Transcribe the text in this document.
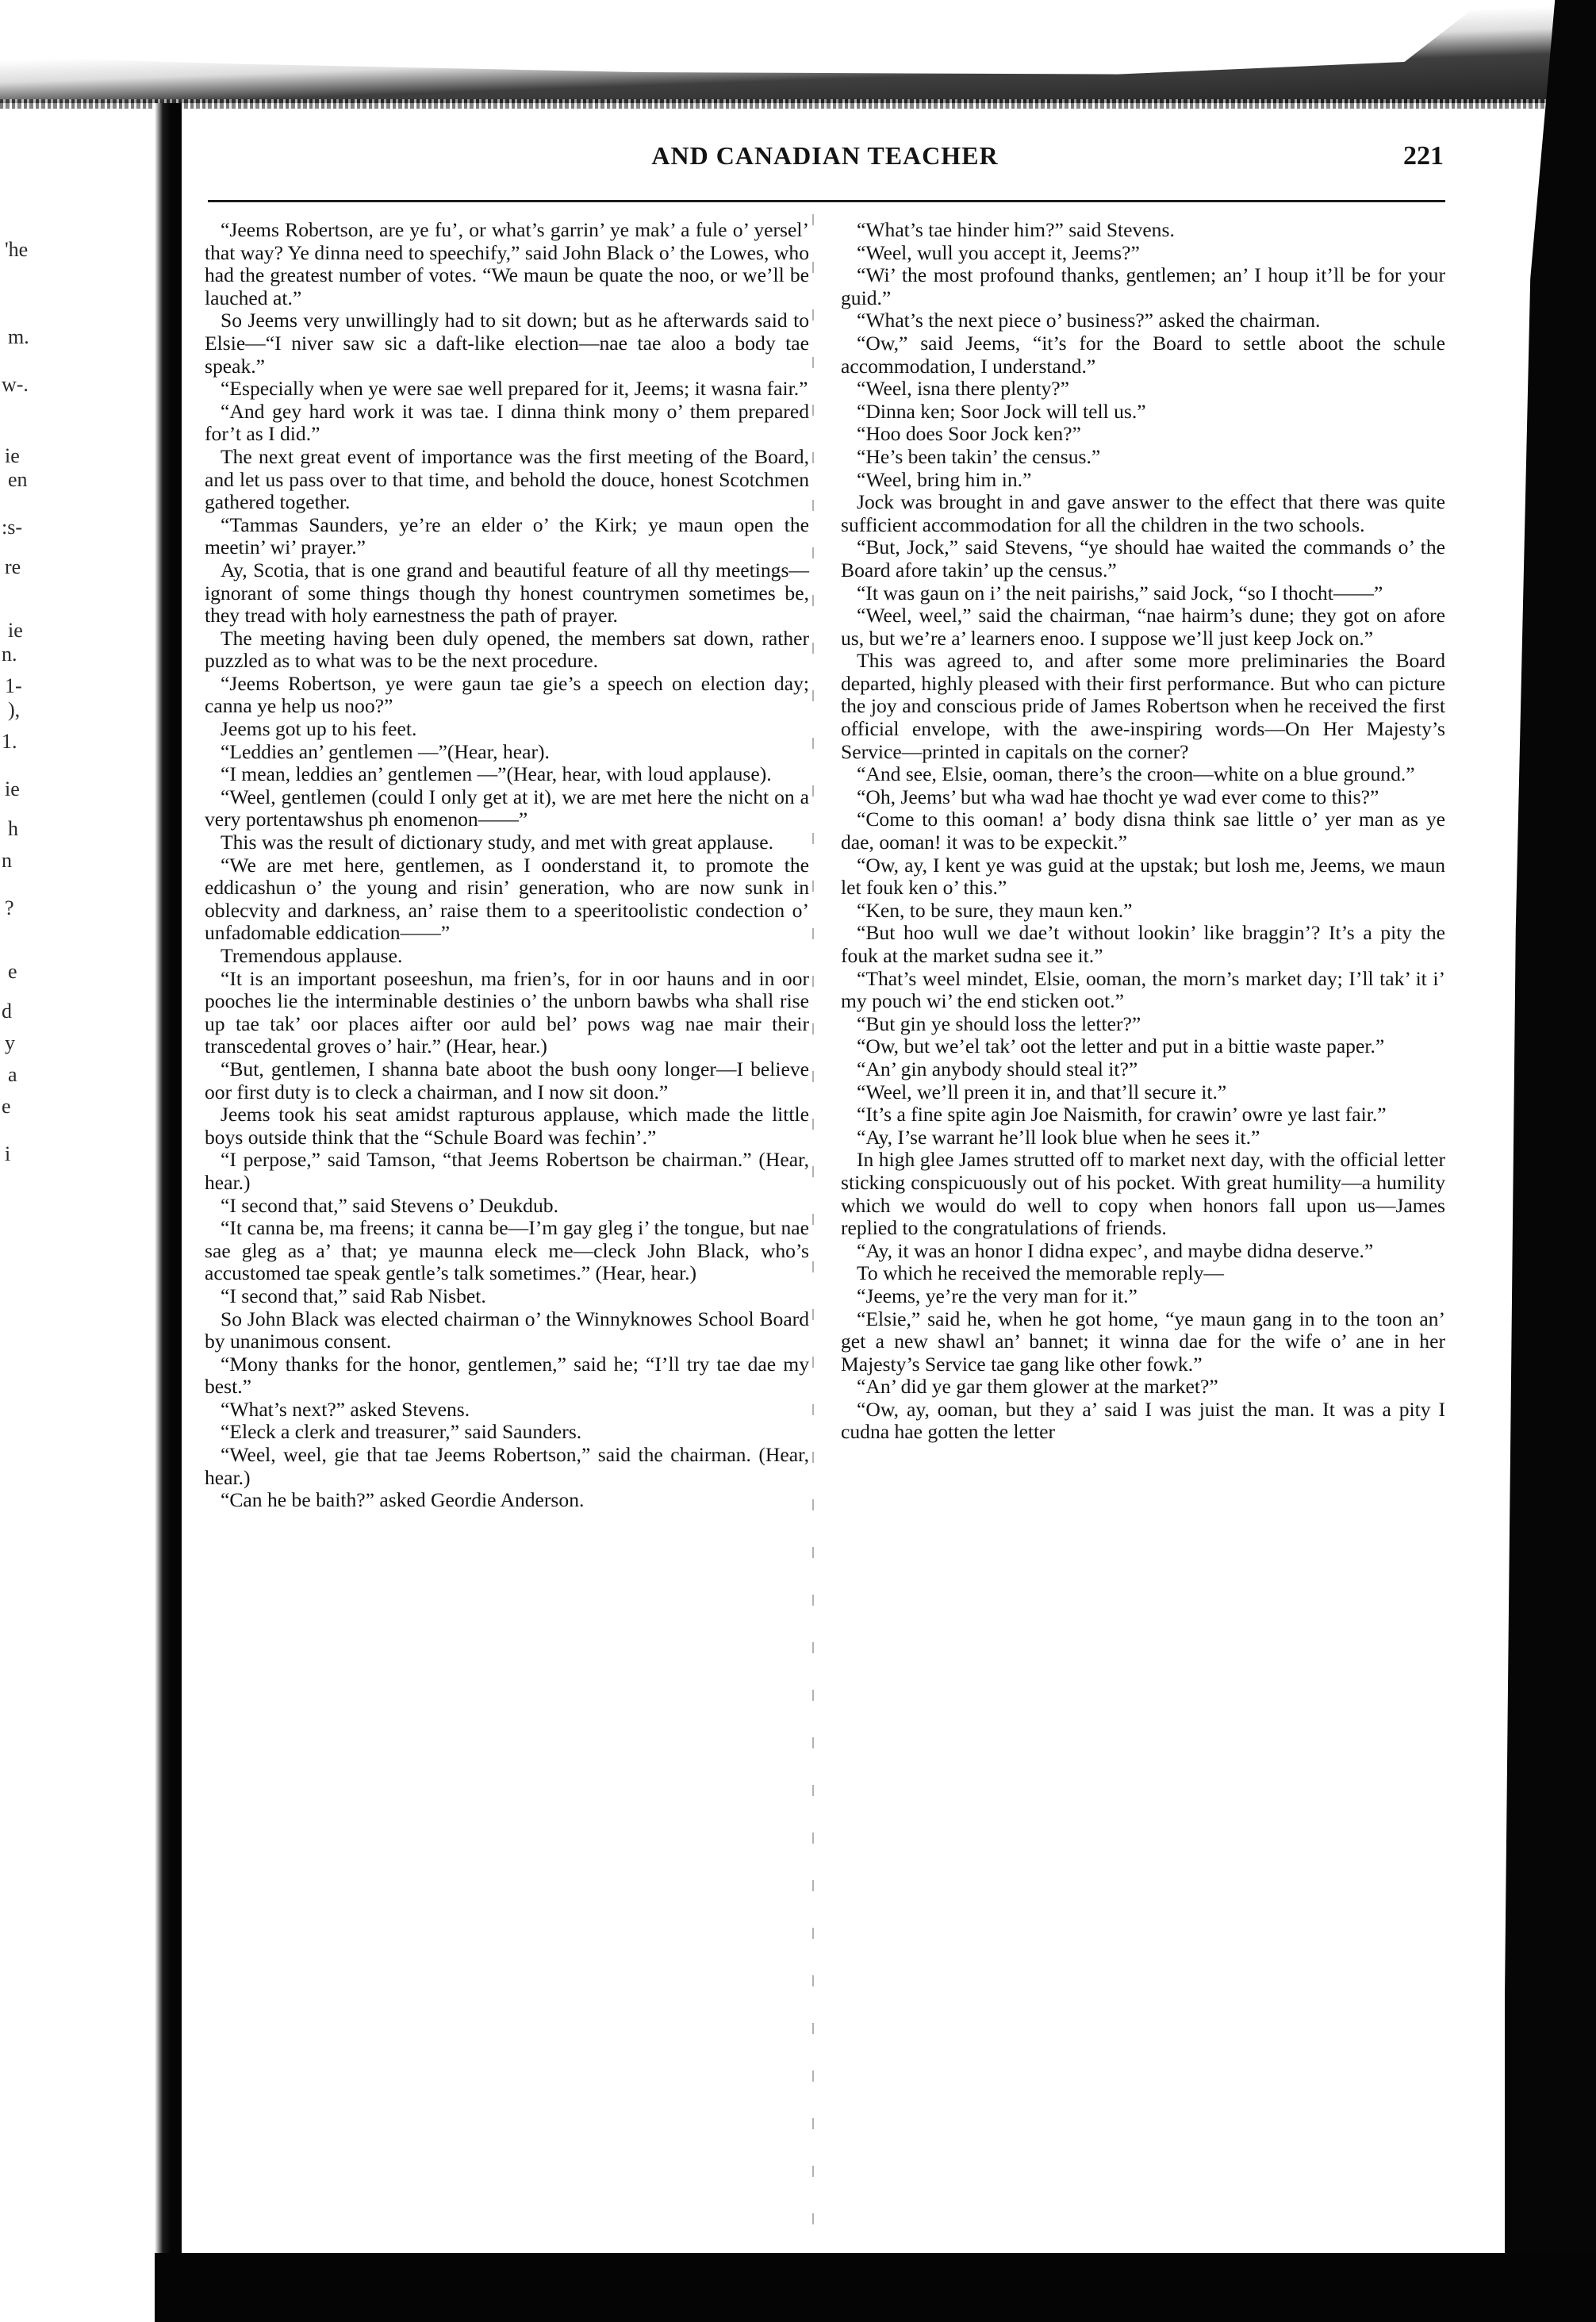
'he
m.
w-.
ie
en
:s-
re
ie
n.
1-
),
1.
ie
h
n
?
e
d
y
a
e
i
AND CANADIAN TEACHER	221

“Jeems Robertson, are ye fu’, or what’s garrin’ ye mak’ a fule o’ yersel’ that way? Ye dinna need to speechify,” said John Black o’ the Lowes, who had the greatest number of votes. “We maun be quate the noo, or we’ll be lauched at.”

So Jeems very unwillingly had to sit down; but as he afterwards said to Elsie—“I niver saw sic a daft-like election—nae tae aloo a body tae speak.”

“Especially when ye were sae well prepared for it, Jeems; it wasna fair.”

“And gey hard work it was tae. I dinna think mony o’ them prepared for’t as I did.”

The next great event of importance was the first meeting of the Board, and let us pass over to that time, and behold the douce, honest Scotchmen gathered together.

“Tammas Saunders, ye’re an elder o’ the Kirk; ye maun open the meetin’ wi’ prayer.”

Ay, Scotia, that is one grand and beautiful feature of all thy meetings—ignorant of some things though thy honest countrymen sometimes be, they tread with holy earnestness the path of prayer.

The meeting having been duly opened, the members sat down, rather puzzled as to what was to be the next procedure.

“Jeems Robertson, ye were gaun tae gie’s a speech on election day; canna ye help us noo?”

Jeems got up to his feet.

“Leddies an’ gentlemen —”(Hear, hear).

“I mean, leddies an’ gentlemen —”(Hear, hear, with loud applause).

“Weel, gentlemen (could I only get at it), we are met here the nicht on a very portentawshus ph enomenon——”

This was the result of dictionary study, and met with great applause.

“We are met here, gentlemen, as I oonderstand it, to promote the eddicashun o’ the young and risin’ generation, who are now sunk in oblecvity and darkness, an’ raise them to a speeritoolistic condection o’ unfadomable eddication——”

Tremendous applause.

“It is an important poseeshun, ma frien’s, for in oor hauns and in oor pooches lie the interminable destinies o’ the unborn bawbs wha shall rise up tae tak’ oor places aifter oor auld bel’ pows wag nae mair their transcedental groves o’ hair.” (Hear, hear.)

“But, gentlemen, I shanna bate aboot the bush oony longer—I believe oor first duty is to cleck a chairman, and I now sit doon.”

Jeems took his seat amidst rapturous applause, which made the little boys outside think that the “Schule Board was fechin’.”

“I perpose,” said Tamson, “that Jeems Robertson be chairman.” (Hear, hear.)

“I second that,” said Stevens o’ Deukdub.

“It canna be, ma freens; it canna be—I’m gay gleg i’ the tongue, but nae sae gleg as a’ that; ye maunna eleck me—cleck John Black, who’s accustomed tae speak gentle’s talk sometimes.” (Hear, hear.)

“I second that,” said Rab Nisbet.

So John Black was elected chairman o’ the Winnyknowes School Board by unanimous consent.

“Mony thanks for the honor, gentlemen,” said he; “I’ll try tae dae my best.”

“What’s next?” asked Stevens.

“Eleck a clerk and treasurer,” said Saunders.

“Weel, weel, gie that tae Jeems Robertson,” said the chairman. (Hear, hear.)

“Can he be baith?” asked Geordie Anderson.

“What’s tae hinder him?” said Stevens.

“Weel, wull you accept it, Jeems?”

“Wi’ the most profound thanks, gentlemen; an’ I houp it’ll be for your guid.”

“What’s the next piece o’ business?” asked the chairman.

“Ow,” said Jeems, “it’s for the Board to settle aboot the schule accommodation, I understand.”

“Weel, isna there plenty?”

“Dinna ken; Soor Jock will tell us.”

“Hoo does Soor Jock ken?”

“He’s been takin’ the census.”

“Weel, bring him in.”

Jock was brought in and gave answer to the effect that there was quite sufficient accommodation for all the children in the two schools.

“But, Jock,” said Stevens, “ye should hae waited the commands o’ the Board afore takin’ up the census.”

“It was gaun on i’ the neit pairishs,” said Jock, “so I thocht——”

“Weel, weel,” said the chairman, “nae hairm’s dune; they got on afore us, but we’re a’ learners enoo. I suppose we’ll just keep Jock on.”

This was agreed to, and after some more preliminaries the Board departed, highly pleased with their first performance. But who can picture the joy and conscious pride of James Robertson when he received the first official envelope, with the awe-inspiring words—On Her Majesty’s Service—printed in capitals on the corner?

“And see, Elsie, ooman, there’s the croon—white on a blue ground.”

“Oh, Jeems’ but wha wad hae thocht ye wad ever come to this?”

“Come to this ooman! a’ body disna think sae little o’ yer man as ye dae, ooman! it was to be expeckit.”

“Ow, ay, I kent ye was guid at the upstak; but losh me, Jeems, we maun let fouk ken o’ this.”

“Ken, to be sure, they maun ken.”

“But hoo wull we dae’t without lookin’ like braggin’? It’s a pity the fouk at the market sudna see it.”

“That’s weel mindet, Elsie, ooman, the morn’s market day; I’ll tak’ it i’ my pouch wi’ the end sticken oot.”

“But gin ye should loss the letter?”

“Ow, but we’el tak’ oot the letter and put in a bittie waste paper.”

“An’ gin anybody should steal it?”

“Weel, we’ll preen it in, and that’ll secure it.”

“It’s a fine spite agin Joe Naismith, for crawin’ owre ye last fair.”

“Ay, I’se warrant he’ll look blue when he sees it.”

In high glee James strutted off to market next day, with the official letter sticking conspicuously out of his pocket. With great humility—a humility which we would do well to copy when honors fall upon us—James replied to the congratulations of friends.

“Ay, it was an honor I didna expec’, and maybe didna deserve.”

To which he received the memorable reply—

“Jeems, ye’re the very man for it.”

“Elsie,” said he, when he got home, “ye maun gang in to the toon an’ get a new shawl an’ bannet; it winna dae for the wife o’ ane in her Majesty’s Service tae gang like other fowk.”

“An’ did ye gar them glower at the market?”

“Ow, ay, ooman, but they a’ said I was juist the man. It was a pity I cudna hae gotten the letter
